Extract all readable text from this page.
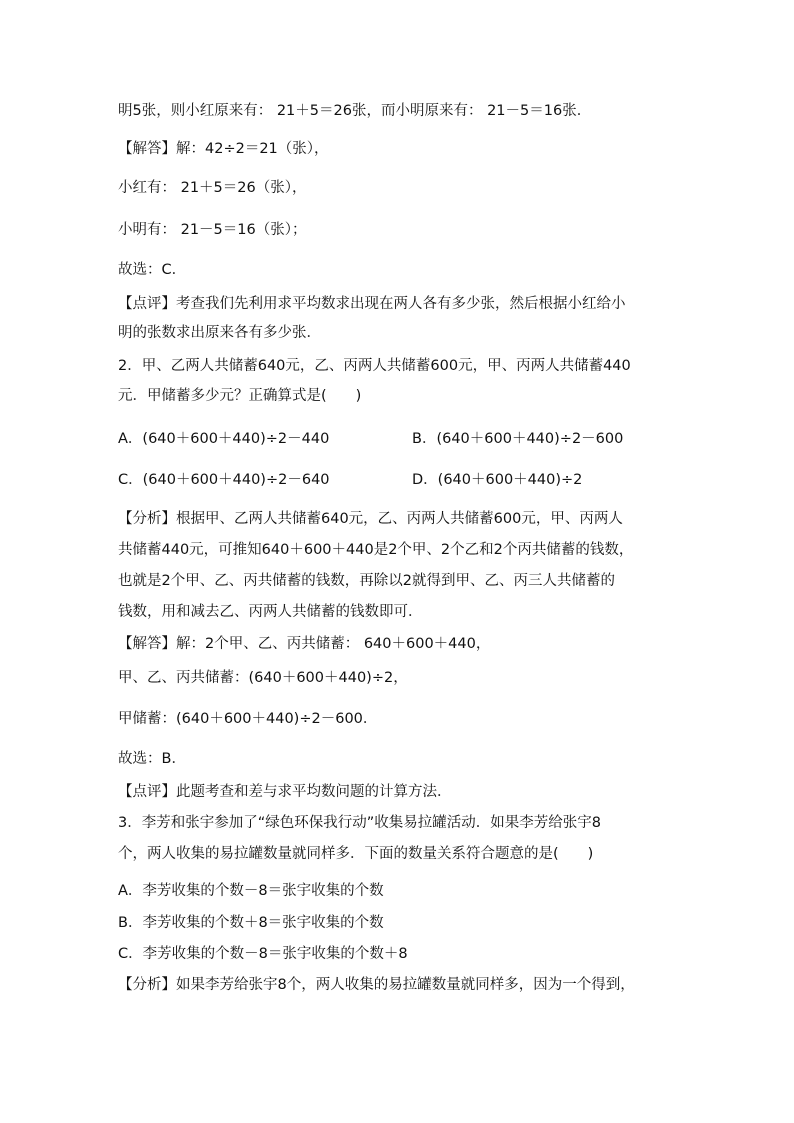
明5张，则小红原来有： 21＋5＝26张，而小明原来有： 21－5＝16张．
【解答】解：42÷2＝21（张），
小红有： 21＋5＝26（张），
小明有： 21－5＝16（张）；
故选：C．
【点评】考查我们先利用求平均数求出现在两人各有多少张，然后根据小红给小
明的张数求出原来各有多少张．
2．甲、乙两人共储蓄640元，乙、丙两人共储蓄600元，甲、丙两人共储蓄440
元．甲储蓄多少元？正确算式是(　　)
A．(640＋600＋440)÷2－440	B．(640＋600＋440)÷2－600
C．(640＋600＋440)÷2－640	D．(640＋600＋440)÷2
【分析】根据甲、乙两人共储蓄640元，乙、丙两人共储蓄600元，甲、丙两人
共储蓄440元，可推知640＋600＋440是2个甲、2个乙和2个丙共储蓄的钱数，
也就是2个甲、乙、丙共储蓄的钱数，再除以2就得到甲、乙、丙三人共储蓄的
钱数，用和减去乙、丙两人共储蓄的钱数即可．
【解答】解：2个甲、乙、丙共储蓄： 640＋600＋440，
甲、乙、丙共储蓄：(640＋600＋440)÷2，
甲储蓄：(640＋600＋440)÷2－600．
故选：B．
【点评】此题考查和差与求平均数问题的计算方法．
3．李芳和张宇参加了“绿色环保我行动”收集易拉罐活动．如果李芳给张宇8
个，两人收集的易拉罐数量就同样多．下面的数量关系符合题意的是(　　)
A．李芳收集的个数－8＝张宇收集的个数
B．李芳收集的个数＋8＝张宇收集的个数
C．李芳收集的个数－8＝张宇收集的个数＋8
【分析】如果李芳给张宇8个，两人收集的易拉罐数量就同样多，因为一个得到，
